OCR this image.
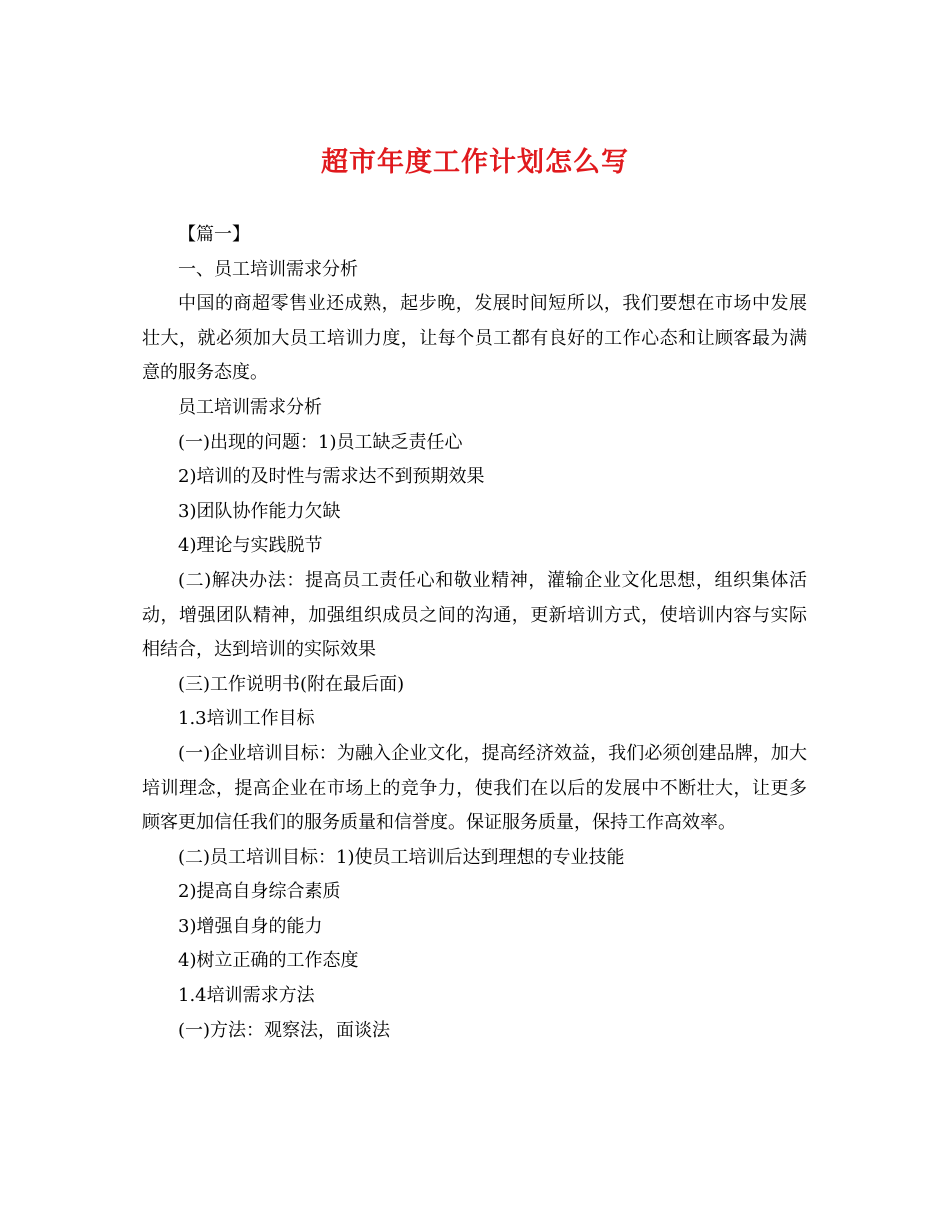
超市年度工作计划怎么写

【篇一】

一、员工培训需求分析

中国的商超零售业还成熟，起步晚，发展时间短所以，我们要想在市场中发展壮大，就必须加大员工培训力度，让每个员工都有良好的工作心态和让顾客最为满意的服务态度。

员工培训需求分析

(一)出现的问题：1)员工缺乏责任心

2)培训的及时性与需求达不到预期效果

3)团队协作能力欠缺

4)理论与实践脱节

(二)解决办法：提高员工责任心和敬业精神，灌输企业文化思想，组织集体活动，增强团队精神，加强组织成员之间的沟通，更新培训方式，使培训内容与实际相结合，达到培训的实际效果

(三)工作说明书(附在最后面)

1.3培训工作目标

(一)企业培训目标：为融入企业文化，提高经济效益，我们必须创建品牌，加大培训理念，提高企业在市场上的竞争力，使我们在以后的发展中不断壮大，让更多顾客更加信任我们的服务质量和信誉度。保证服务质量，保持工作高效率。

(二)员工培训目标：1)使员工培训后达到理想的专业技能

2)提高自身综合素质

3)增强自身的能力

4)树立正确的工作态度

1.4培训需求方法

(一)方法：观察法，面谈法
